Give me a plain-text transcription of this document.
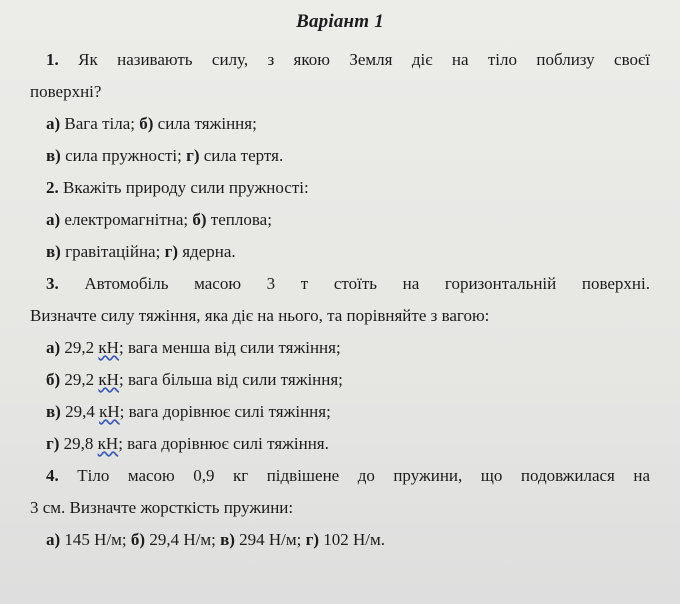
Варіант 1
1. Як називають силу, з якою Земля діє на тіло поблизу своєї
поверхні?
а) Вага тіла; б) сила тяжіння;
в) сила пружності; г) сила тертя.
2. Вкажіть природу сили пружності:
а) електромагнітна; б) теплова;
в) гравітаційна; г) ядерна.
3. Автомобіль масою 3 т стоїть на горизонтальній поверхні.
Визначте силу тяжіння, яка діє на нього, та порівняйте з вагою:
а) 29,2 кН; вага менша від сили тяжіння;
б) 29,2 кН; вага більша від сили тяжіння;
в) 29,4 кН; вага дорівнює силі тяжіння;
г) 29,8 кН; вага дорівнює силі тяжіння.
4. Тіло масою 0,9 кг підвішене до пружини, що подовжилася на
3 см. Визначте жорсткість пружини:
а) 145 Н/м; б) 29,4 Н/м; в) 294 Н/м; г) 102 Н/м.
